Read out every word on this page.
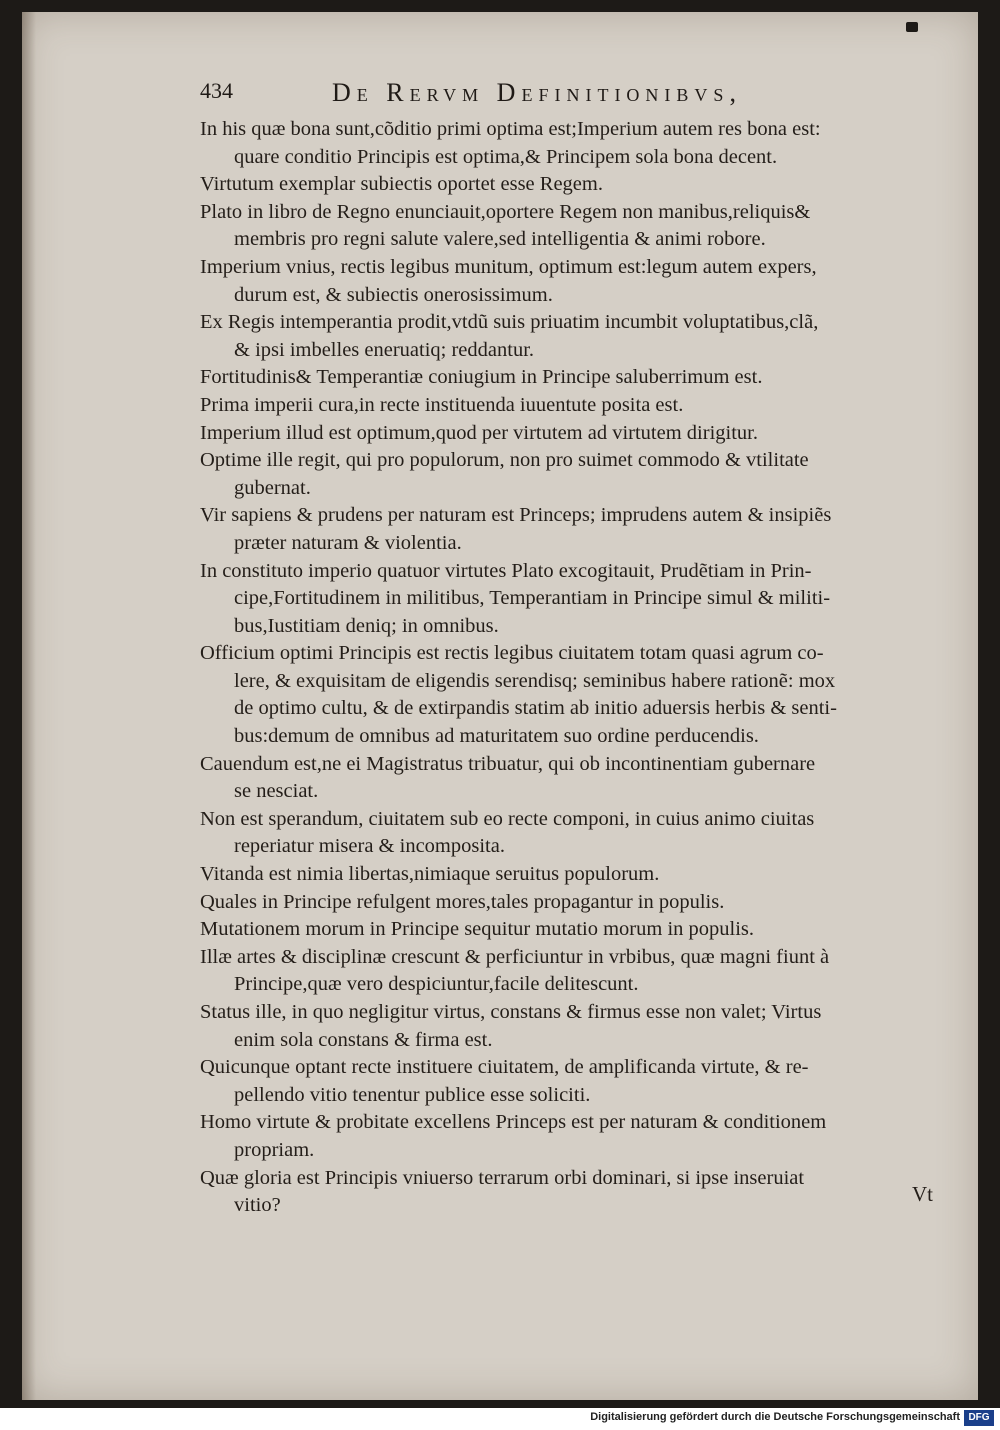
434	De Rervm Definitionibvs,
In his quæ bona sunt,cõditio primi optima est;Imperium autem res bona est:
quare conditio Principis est optima,& Principem sola bona decent.
Virtutum exemplar subiectis oportet esse Regem.
Plato in libro de Regno enunciauit,oportere Regem non manibus,reliquis&
membris pro regni salute valere,sed intelligentia & animi robore.
Imperium vnius, rectis legibus munitum, optimum est:legum autem expers,
durum est, & subiectis onerosissimum.
Ex Regis intemperantia prodit,vtdũ suis priuatim incumbit voluptatibus,clã,
& ipsi imbelles eneruatiq; reddantur.
Fortitudinis& Temperantiæ coniugium in Principe saluberrimum est.
Prima imperii cura,in recte instituenda iuuentute posita est.
Imperium illud est optimum,quod per virtutem ad virtutem dirigitur.
Optime ille regit, qui pro populorum, non pro suimet commodo & vtilitate
gubernat.
Vir sapiens & prudens per naturam est Princeps; imprudens autem & insipiẽs
præter naturam & violentia.
In constituto imperio quatuor virtutes Plato excogitauit, Prudẽtiam in Prin-
cipe,Fortitudinem in militibus, Temperantiam in Principe simul & militi-
bus,Iustitiam deniq; in omnibus.
Officium optimi Principis est rectis legibus ciuitatem totam quasi agrum co-
lere, & exquisitam de eligendis serendisq; seminibus habere rationẽ: mox
de optimo cultu, & de extirpandis statim ab initio aduersis herbis & senti-
bus:demum de omnibus ad maturitatem suo ordine perducendis.
Cauendum est,ne ei Magistratus tribuatur, qui ob incontinentiam gubernare
se nesciat.
Non est sperandum, ciuitatem sub eo recte componi, in cuius animo ciuitas
reperiatur misera & incomposita.
Vitanda est nimia libertas,nimiaque seruitus populorum.
Quales in Principe refulgent mores,tales propagantur in populis.
Mutationem morum in Principe sequitur mutatio morum in populis.
Illæ artes & disciplinæ crescunt & perficiuntur in vrbibus, quæ magni fiunt à
Principe,quæ vero despiciuntur,facile delitescunt.
Status ille, in quo negligitur virtus, constans & firmus esse non valet; Virtus
enim sola constans & firma est.
Quicunque optant recte instituere ciuitatem, de amplificanda virtute, & re-
pellendo vitio tenentur publice esse soliciti.
Homo virtute & probitate excellens Princeps est per naturam & conditionem
propriam.
Quæ gloria est Principis vniuerso terrarum orbi dominari, si ipse inseruiat
vitio?	Vt
Digitalisierung gefördert durch die Deutsche Forschungsgemeinschaft DFG
